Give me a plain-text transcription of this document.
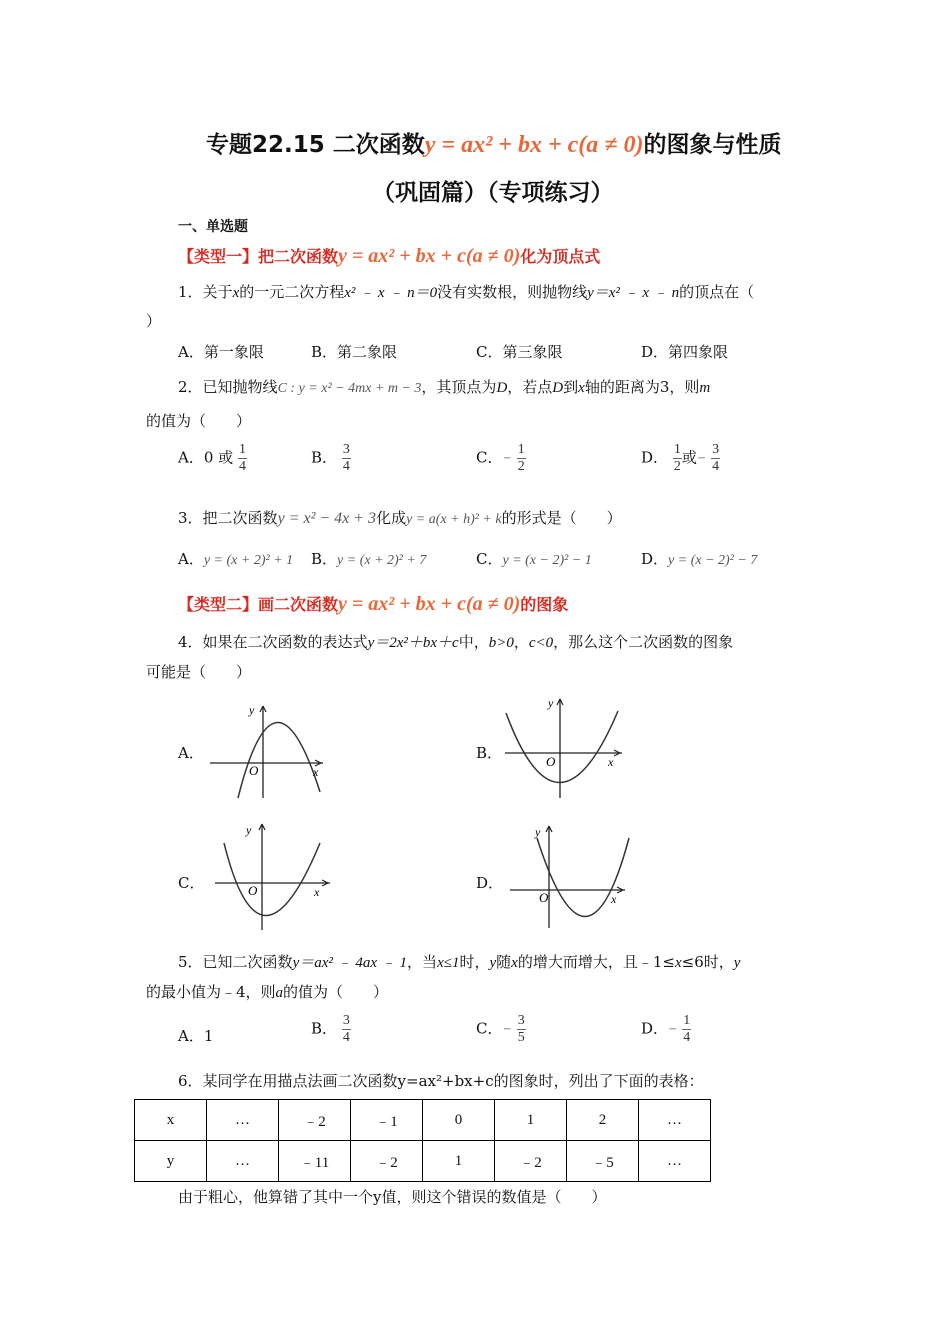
专题22.15 二次函数y = ax² + bx + c(a ≠ 0)的图象与性质
（巩固篇）（专项练习）
一、单选题
【类型一】把二次函数y = ax² + bx + c(a ≠ 0)化为顶点式
1．关于x的一元二次方程x² ﹣ x ﹣ n＝0没有实数根，则抛物线y＝x² ﹣ x ﹣ n的顶点在（
）
A．第一象限	B．第二象限	C．第三象限	D．第四象限
2．已知抛物线C : y = x² − 4mx + m − 3，其顶点为D，若点D到x轴的距离为3，则m
的值为（　　）
A．0 或 $\frac{1}{4}$	B． $\frac{3}{4}$	C．− $\frac{1}{2}$	D． $\frac{1}{2}$ 或− $\frac{3}{4}$
3．把二次函数y = x² − 4x + 3化成y = a(x + h)² + k的形式是（　　）
A．y = (x + 2)² + 1 B．y = (x + 2)² + 7	C．y = (x − 2)² − 1	D．y = (x − 2)² − 7
【类型二】画二次函数y = ax² + bx + c(a ≠ 0)的图象
4．如果在二次函数的表达式y＝2x²＋bx＋c中，b>0，c<0，那么这个二次函数的图象
可能是（　　）
A．
x
y
O
B．	x
y
O
C．	x
y
O	D．
x
y
O
5．已知二次函数y＝ax² ﹣ 4ax ﹣ 1，当x≤1时，y随x的增大而增大，且﹣1≤x≤6时，y
的最小值为﹣4，则a的值为（　　）
A．1	B． $\frac{3}{4}$	C．− $\frac{3}{5}$	D．− $\frac{1}{4}$
6．某同学在用描点法画二次函数y=ax²+bx+c的图象时，列出了下面的表格：
x	…	﹣2	﹣1	0	1	2	…
y	…	﹣11	﹣2	1	﹣2	﹣5	…
由于粗心，他算错了其中一个y值，则这个错误的数值是（　　）
